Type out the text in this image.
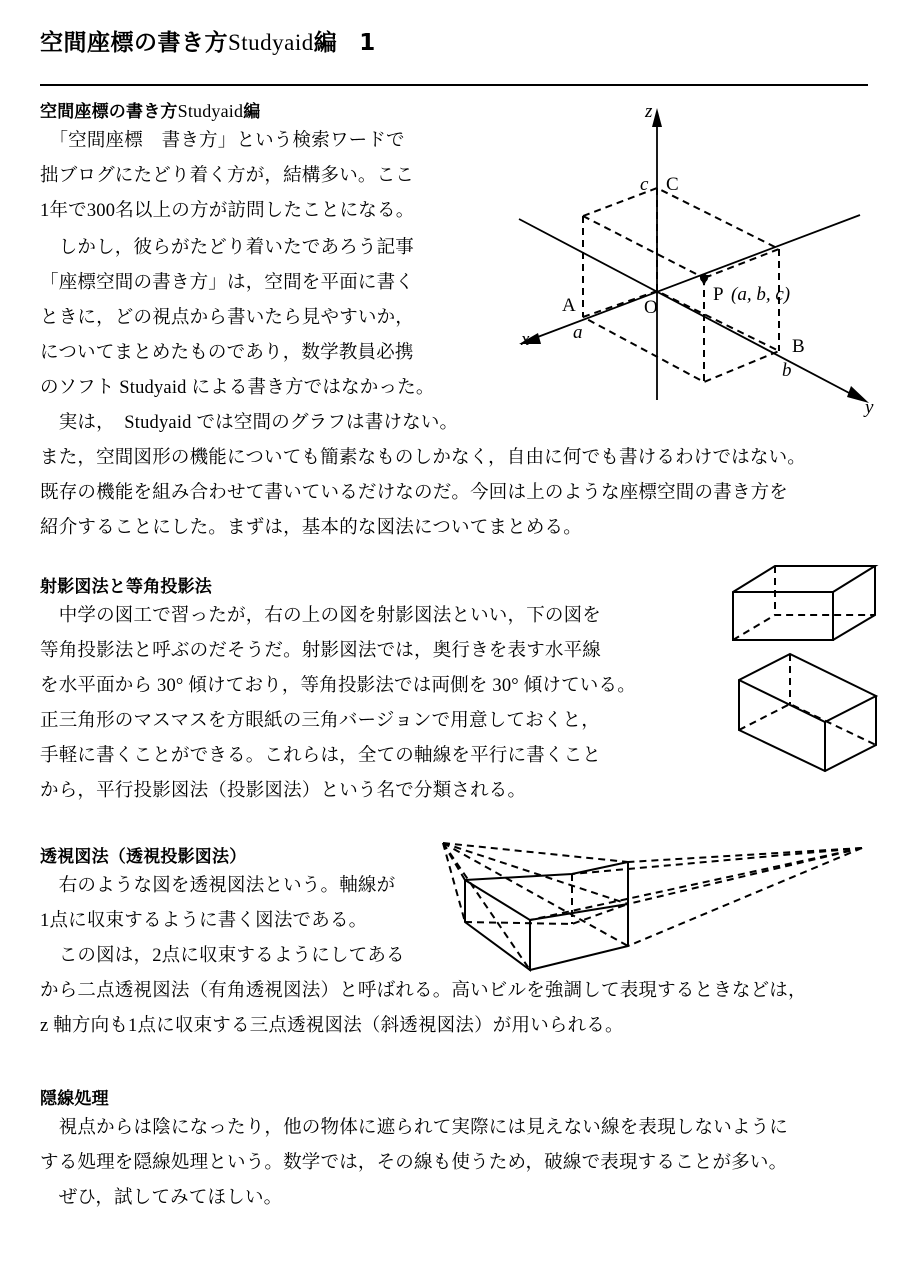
空間座標の書き方Studyaid編 1
空間座標の書き方Studyaid編
　「空間座標　書き方」という検索ワードで
拙ブログにたどり着く方が，結構多い。ここ
1年で300名以上の方が訪問したことになる。
　しかし，彼らがたどり着いたであろう記事
「座標空間の書き方」は，空間を平面に書く
ときに，どの視点から書いたら見やすいか，
についてまとめたものであり，数学教員必携
のソフト Studyaid による書き方ではなかった。
　実は，　Studyaid では空間のグラフは書けない。
また，空間図形の機能についても簡素なものしかなく，自由に何でも書けるわけではない。
既存の機能を組み合わせて書いているだけなのだ。今回は上のような座標空間の書き方を
紹介することにした。まずは，基本的な図法についてまとめる。
z
x
y
O
A
a
B
b
C
c
P (a, b, c)
射影図法と等角投影法
　中学の図工で習ったが，右の上の図を射影図法といい，下の図を
等角投影法と呼ぶのだそうだ。射影図法では，奥行きを表す水平線
を水平面から 30° 傾けており，等角投影法では両側を 30° 傾けている。
正三角形のマスマスを方眼紙の三角バージョンで用意しておくと，
手軽に書くことができる。これらは，全ての軸線を平行に書くこと
から，平行投影図法（投影図法）という名で分類される。
透視図法（透視投影図法）
　右のような図を透視図法という。軸線が
1点に収束するように書く図法である。
　この図は，2点に収束するようにしてある
から二点透視図法（有角透視図法）と呼ばれる。高いビルを強調して表現するときなどは，
z 軸方向も1点に収束する三点透視図法（斜透視図法）が用いられる。
隠線処理
　視点からは陰になったり，他の物体に遮られて実際には見えない線を表現しないように
する処理を隠線処理という。数学では，その線も使うため，破線で表現することが多い。
　ぜひ，試してみてほしい。
